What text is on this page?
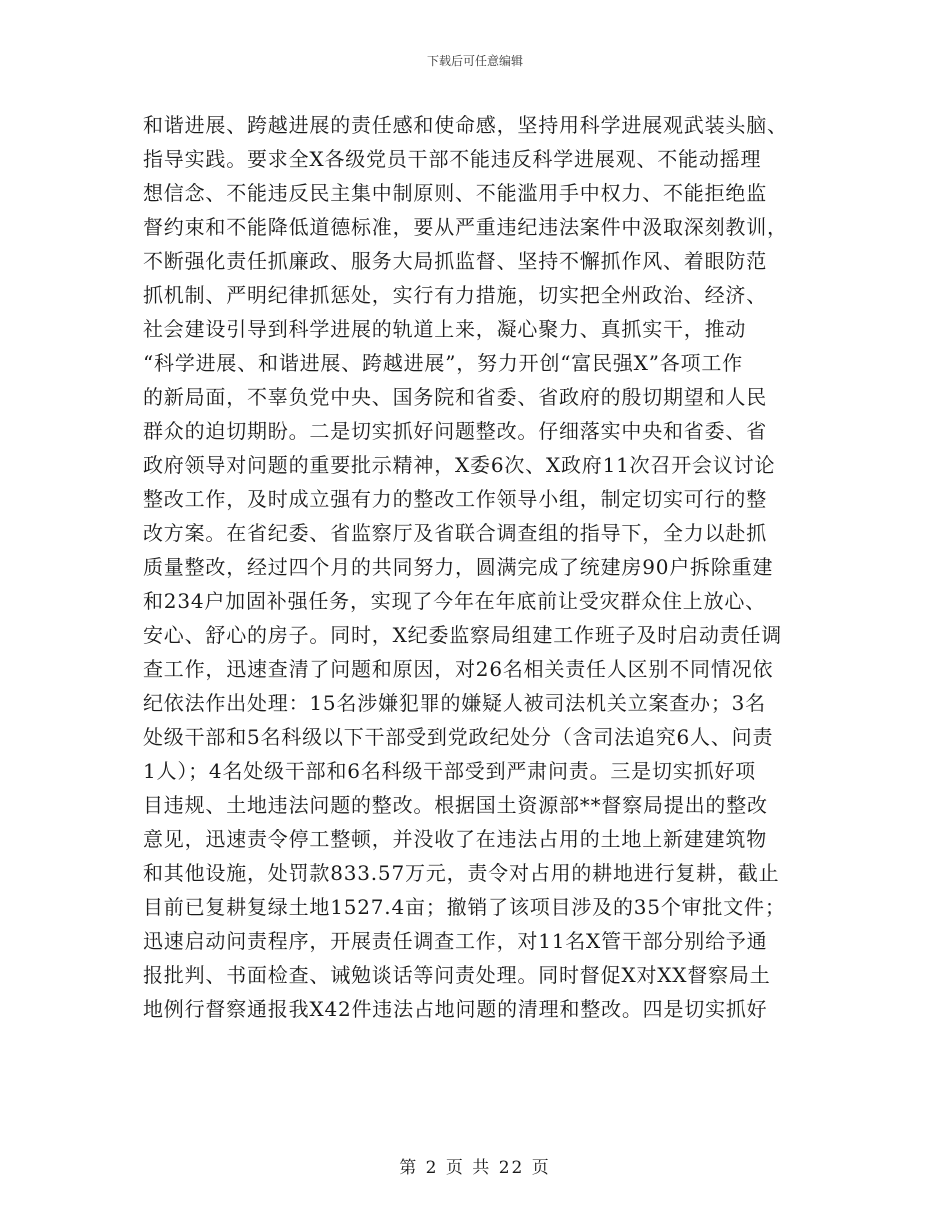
下载后可任意编辑
和谐进展、跨越进展的责任感和使命感，坚持用科学进展观武装头脑、
指导实践。要求全X各级党员干部不能违反科学进展观、不能动摇理
想信念、不能违反民主集中制原则、不能滥用手中权力、不能拒绝监
督约束和不能降低道德标准，要从严重违纪违法案件中汲取深刻教训，
不断强化责任抓廉政、服务大局抓监督、坚持不懈抓作风、着眼防范
抓机制、严明纪律抓惩处，实行有力措施，切实把全州政治、经济、
社会建设引导到科学进展的轨道上来，凝心聚力、真抓实干，推动
“科学进展、和谐进展、跨越进展”，努力开创“富民强X”各项工作
的新局面，不辜负党中央、国务院和省委、省政府的殷切期望和人民
群众的迫切期盼。二是切实抓好问题整改。仔细落实中央和省委、省
政府领导对问题的重要批示精神，X委6次、X政府11次召开会议讨论
整改工作，及时成立强有力的整改工作领导小组，制定切实可行的整
改方案。在省纪委、省监察厅及省联合调查组的指导下，全力以赴抓
质量整改，经过四个月的共同努力，圆满完成了统建房90户拆除重建
和234户加固补强任务，实现了今年在年底前让受灾群众住上放心、
安心、舒心的房子。同时，X纪委监察局组建工作班子及时启动责任调
查工作，迅速查清了问题和原因，对26名相关责任人区别不同情况依
纪依法作出处理：15名涉嫌犯罪的嫌疑人被司法机关立案查办；3名
处级干部和5名科级以下干部受到党政纪处分（含司法追究6人、问责
1人）；4名处级干部和6名科级干部受到严肃问责。三是切实抓好项
目违规、土地违法问题的整改。根据国土资源部**督察局提出的整改
意见，迅速责令停工整顿，并没收了在违法占用的土地上新建建筑物
和其他设施，处罚款833.57万元，责令对占用的耕地进行复耕，截止
目前已复耕复绿土地1527.4亩；撤销了该项目涉及的35个审批文件；
迅速启动问责程序，开展责任调查工作，对11名X管干部分别给予通
报批判、书面检查、诫勉谈话等问责处理。同时督促X对XX督察局土
地例行督察通报我X42件违法占地问题的清理和整改。四是切实抓好
第 2 页 共 22 页
